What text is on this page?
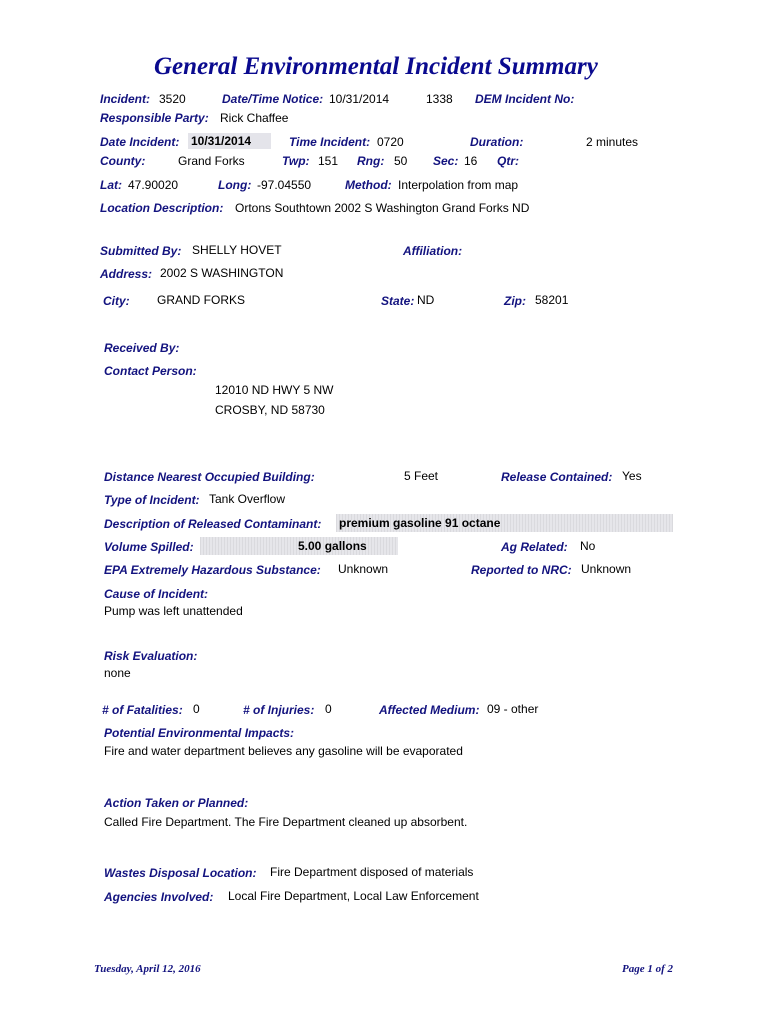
General Environmental Incident Summary
Incident: 3520	Date/Time Notice: 10/31/2014	1338 DEM Incident No:
Responsible Party: Rick Chaffee
Date Incident: 10/31/2014	Time Incident: 0720	Duration:	2 minutes
County:	Grand Forks	Twp: 151 Rng: 50 Sec: 16 Qtr:
Lat: 47.90020	Long: -97.04550	Method: Interpolation from map
Location Description: Ortons Southtown 2002 S Washington Grand Forks ND
Submitted By: SHELLY HOVET	Affiliation:
Address: 2002 S WASHINGTON
City: GRAND FORKS	State: ND	Zip: 58201
Received By:
Contact Person:
12010 ND HWY 5 NW
CROSBY, ND 58730
Distance Nearest Occupied Building:	5 Feet	Release Contained: Yes
Type of Incident: Tank Overflow
Description of Released Contaminant: premium gasoline 91 octane
Volume Spilled:	5.00 gallons	Ag Related: No
EPA Extremely Hazardous Substance: Unknown	Reported to NRC: Unknown
Cause of Incident:
Pump was left unattended
Risk Evaluation:
none
# of Fatalities: 0	# of Injuries: 0	Affected Medium: 09 - other
Potential Environmental Impacts:
Fire and water department believes any gasoline will be evaporated
Action Taken or Planned:
Called Fire Department. The Fire Department cleaned up absorbent.
Wastes Disposal Location: Fire Department disposed of materials
Agencies Involved: Local Fire Department, Local Law Enforcement
Tuesday, April 12, 2016	Page 1 of 2
